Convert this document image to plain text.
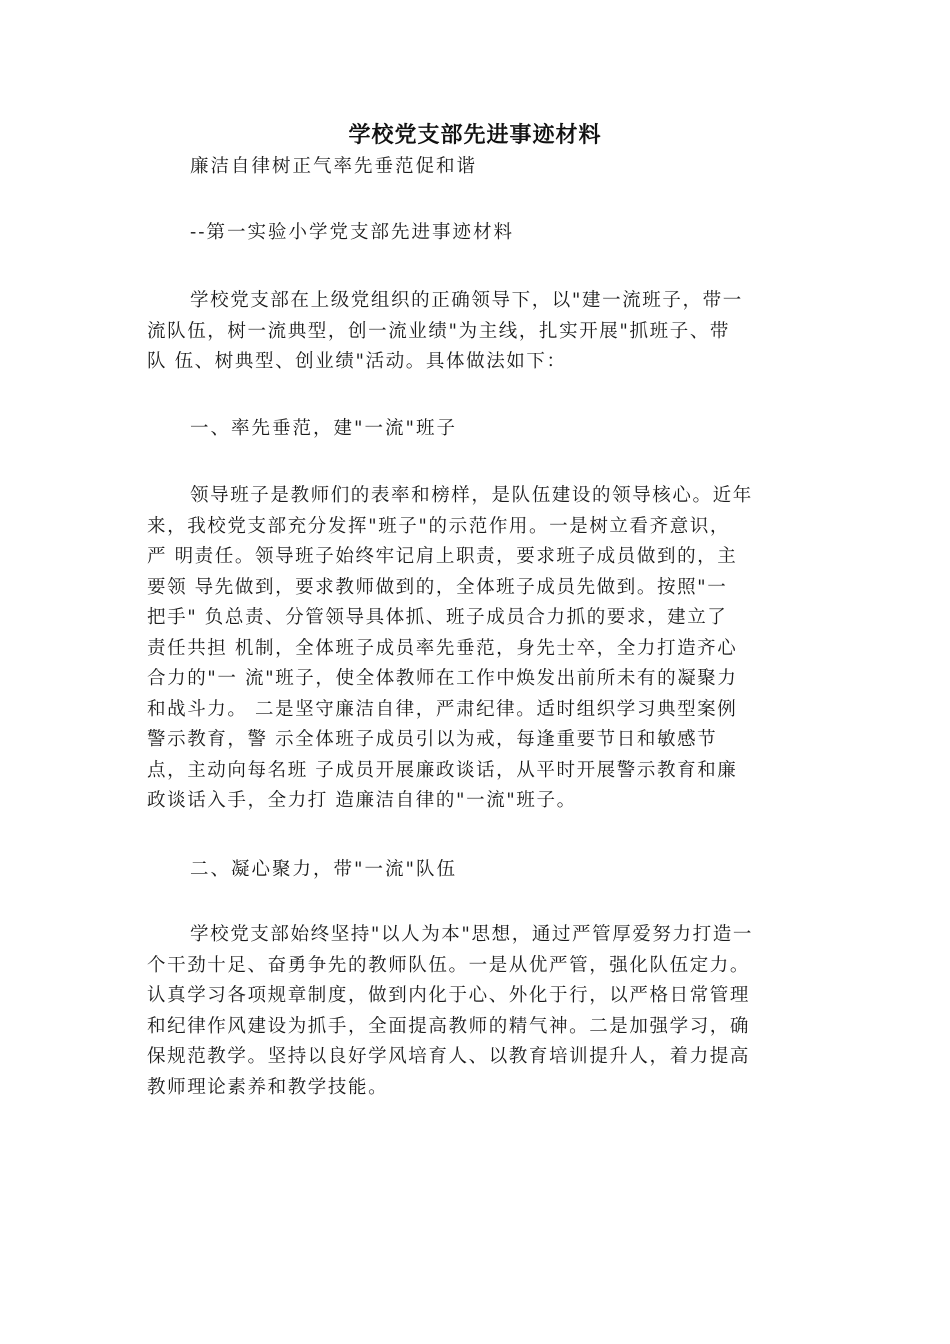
学校党支部先进事迹材料

廉洁自律树正气率先垂范促和谐

--第一实验小学党支部先进事迹材料

学校党支部在上级党组织的正确领导下，以"建一流班子，带一
流队伍，树一流典型，创一流业绩"为主线，扎实开展"抓班子、带
队 伍、树典型、创业绩"活动。具体做法如下：

一、率先垂范，建"一流"班子

领导班子是教师们的表率和榜样，是队伍建设的领导核心。近年
来，我校党支部充分发挥"班子"的示范作用。一是树立看齐意识，
严 明责任。领导班子始终牢记肩上职责，要求班子成员做到的，主
要领 导先做到，要求教师做到的，全体班子成员先做到。按照"一
把手" 负总责、分管领导具体抓、班子成员合力抓的要求，建立了
责任共担 机制，全体班子成员率先垂范，身先士卒，全力打造齐心
合力的"一 流"班子，使全体教师在工作中焕发出前所未有的凝聚力
和战斗力。 二是坚守廉洁自律，严肃纪律。适时组织学习典型案例
警示教育，警 示全体班子成员引以为戒，每逢重要节日和敏感节
点，主动向每名班 子成员开展廉政谈话，从平时开展警示教育和廉
政谈话入手，全力打 造廉洁自律的"一流"班子。

二、凝心聚力，带"一流"队伍

学校党支部始终坚持"以人为本"思想，通过严管厚爱努力打造一
个干劲十足、奋勇争先的教师队伍。一是从优严管，强化队伍定力。
认真学习各项规章制度，做到内化于心、外化于行，以严格日常管理
和纪律作风建设为抓手，全面提高教师的精气神。二是加强学习，确
保规范教学。坚持以良好学风培育人、以教育培训提升人，着力提高
教师理论素养和教学技能。
